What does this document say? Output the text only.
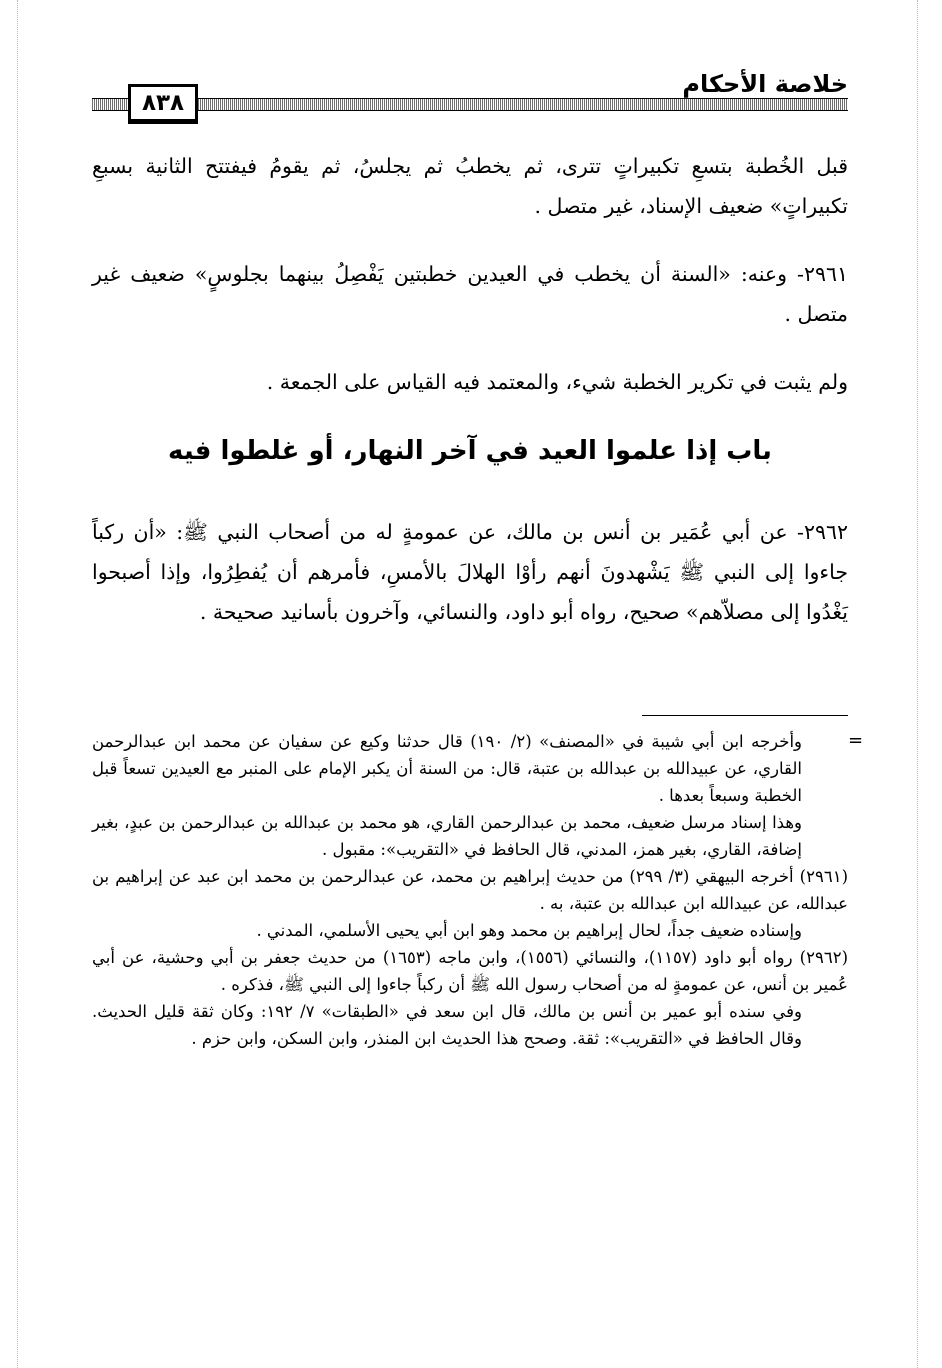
خلاصة الأحكام
٨٣٨

قبل الخُطبة بتسعِ تكبيراتٍ تترى، ثم يخطبُ ثم يجلسُ، ثم يقومُ فيفتتح الثانية بسبعِ تكبيراتٍ» ضعيف الإسناد، غير متصل .

٢٩٦١- وعنه: «السنة أن يخطب في العيدين خطبتين يَفْصِلُ بينهما بجلوسٍ» ضعيف غير متصل .

ولم يثبت في تكرير الخطبة شيء، والمعتمد فيه القياس على الجمعة .

باب إذا علموا العيد في آخر النهار، أو غلطوا فيه

٢٩٦٢- عن أبي عُمَير بن أنس بن مالك، عن عمومةٍ له من أصحاب النبي ﷺ: «أن ركباً جاءوا إلى النبي ﷺ يَشْهدونَ أنهم رأوْا الهلالَ بالأمسِ، فأمرهم أن يُفطِرُوا، وإذا أصبحوا يَغْدُوا إلى مصلاّهم» صحيح، رواه أبو داود، والنسائي، وآخرون بأسانيد صحيحة .

=

وأخرجه ابن أبي شيبة في «المصنف» (٢/ ١٩٠) قال حدثنا وكيع عن سفيان عن محمد ابن عبدالرحمن القاري، عن عبيدالله بن عبدالله بن عتبة، قال: من السنة أن يكبر الإمام على المنبر مع العيدين تسعاً قبل الخطبة وسبعاً بعدها .

وهذا إسناد مرسل ضعيف، محمد بن عبدالرحمن القاري، هو محمد بن عبدالله بن عبدالرحمن بن عبدٍ، بغير إضافة، القاري، بغير همز، المدني، قال الحافظ في «التقريب»: مقبول .

(٢٩٦١) أخرجه البيهقي (٣/ ٢٩٩) من حديث إبراهيم بن محمد، عن عبدالرحمن بن محمد ابن عبد عن إبراهيم بن عبدالله، عن عبيدالله ابن عبدالله بن عتبة، به .

وإسناده ضعيف جداً، لحال إبراهيم بن محمد وهو ابن أبي يحيى الأسلمي، المدني .

(٢٩٦٢) رواه أبو داود (١١٥٧)، والنسائي (١٥٥٦)، وابن ماجه (١٦٥٣) من حديث جعفر بن أبي وحشية، عن أبي عُمير بن أنس، عن عمومةٍ له من أصحاب رسول الله ﷺ أن ركباً جاءوا إلى النبي ﷺ، فذكره .

وفي سنده أبو عمير بن أنس بن مالك، قال ابن سعد في «الطبقات» ٧/ ١٩٢: وكان ثقة قليل الحديث. وقال الحافظ في «التقريب»: ثقة. وصحح هذا الحديث ابن المنذر، وابن السكن، وابن حزم .
